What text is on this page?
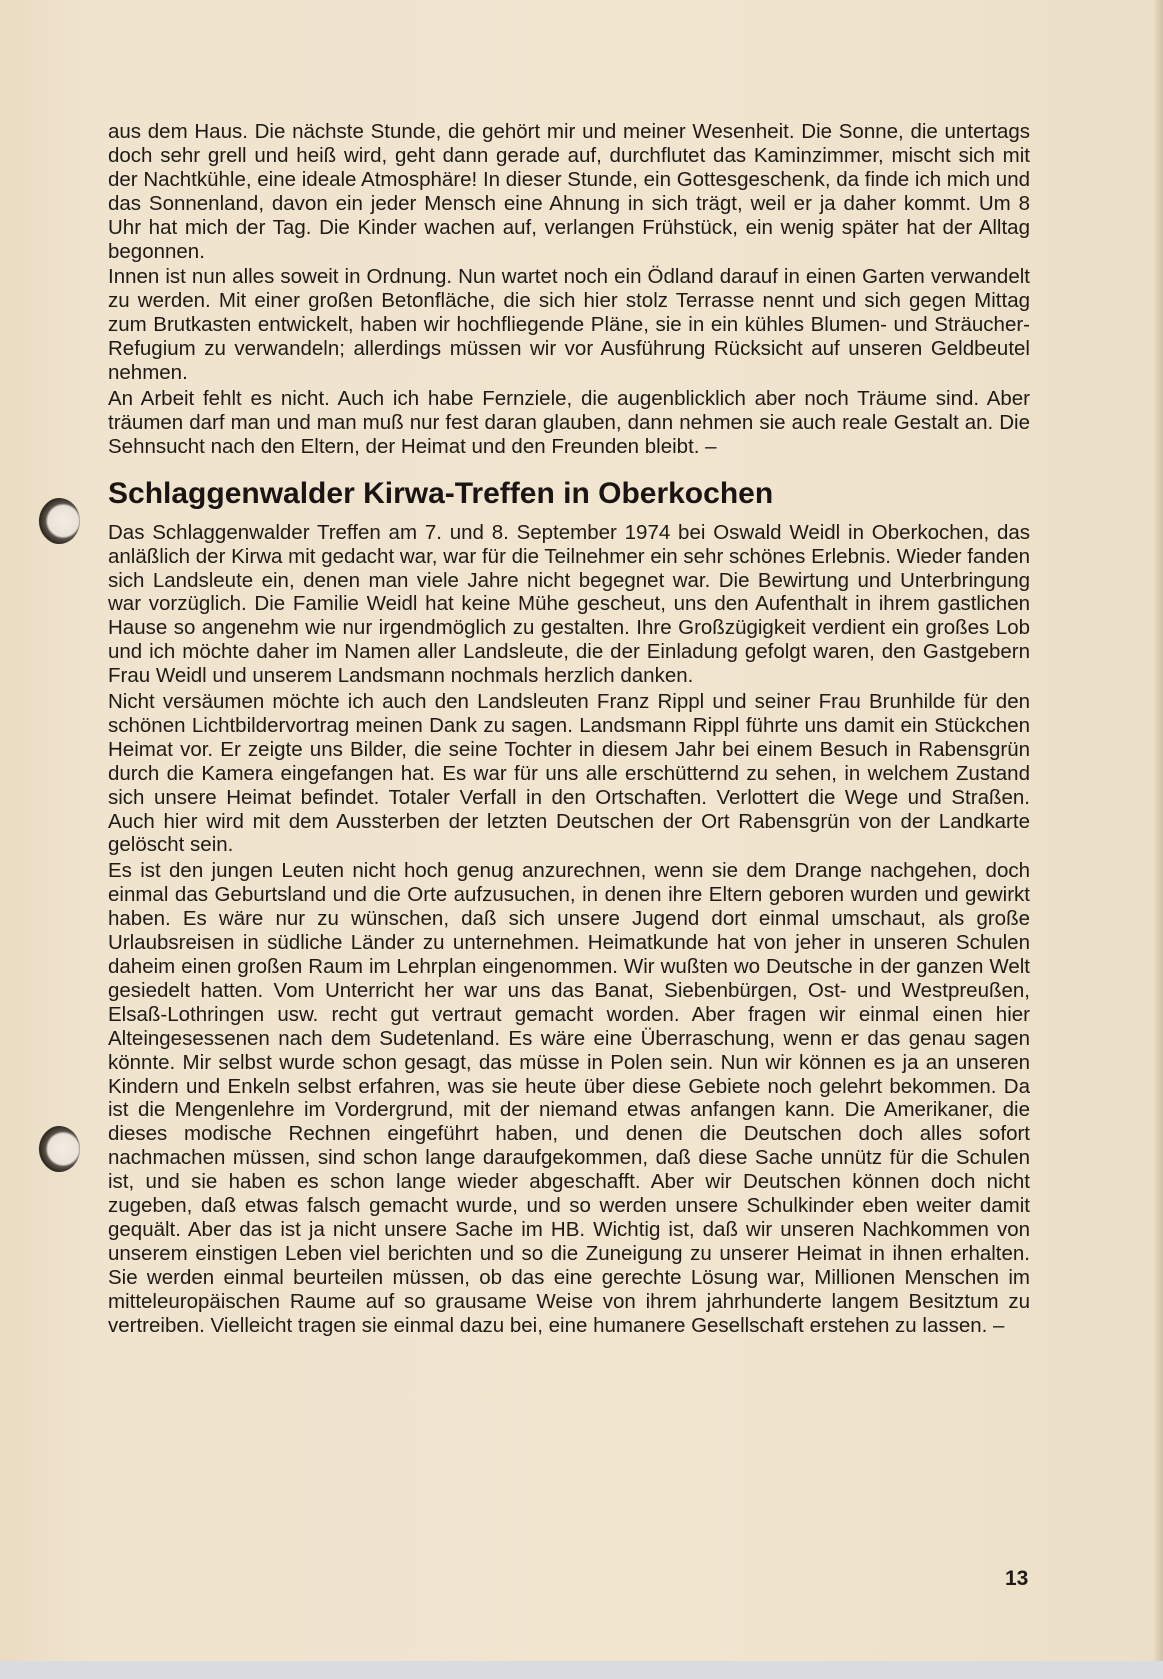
aus dem Haus. Die nächste Stunde, die gehört mir und meiner Wesenheit. Die Sonne, die untertags doch sehr grell und heiß wird, geht dann gerade auf, durchflutet das Kaminzimmer, mischt sich mit der Nachtkühle, eine ideale Atmosphäre! In dieser Stunde, ein Gottesgeschenk, da finde ich mich und das Sonnenland, davon ein jeder Mensch eine Ahnung in sich trägt, weil er ja daher kommt. Um 8 Uhr hat mich der Tag. Die Kinder wachen auf, verlangen Frühstück, ein wenig später hat der Alltag begonnen.

Innen ist nun alles soweit in Ordnung. Nun wartet noch ein Ödland darauf in einen Garten verwandelt zu werden. Mit einer großen Betonfläche, die sich hier stolz Terrasse nennt und sich gegen Mittag zum Brutkasten entwickelt, haben wir hochfliegende Pläne, sie in ein kühles Blumen- und Sträucher-Refugium zu verwandeln; allerdings müssen wir vor Ausführung Rücksicht auf unseren Geldbeutel nehmen.

An Arbeit fehlt es nicht. Auch ich habe Fernziele, die augenblicklich aber noch Träume sind. Aber träumen darf man und man muß nur fest daran glauben, dann nehmen sie auch reale Gestalt an. Die Sehnsucht nach den Eltern, der Heimat und den Freunden bleibt. –

Schlaggenwalder Kirwa-Treffen in Oberkochen

Das Schlaggenwalder Treffen am 7. und 8. September 1974 bei Oswald Weidl in Oberkochen, das anläßlich der Kirwa mit gedacht war, war für die Teilnehmer ein sehr schönes Erlebnis. Wieder fanden sich Landsleute ein, denen man viele Jahre nicht begegnet war. Die Bewirtung und Unterbringung war vorzüglich. Die Familie Weidl hat keine Mühe gescheut, uns den Aufenthalt in ihrem gastlichen Hause so angenehm wie nur irgendmöglich zu gestalten. Ihre Großzügigkeit verdient ein großes Lob und ich möchte daher im Namen aller Landsleute, die der Einladung gefolgt waren, den Gastgebern Frau Weidl und unserem Landsmann nochmals herzlich danken.

Nicht versäumen möchte ich auch den Landsleuten Franz Rippl und seiner Frau Brunhilde für den schönen Lichtbildervortrag meinen Dank zu sagen. Landsmann Rippl führte uns damit ein Stückchen Heimat vor. Er zeigte uns Bilder, die seine Tochter in diesem Jahr bei einem Besuch in Rabensgrün durch die Kamera eingefangen hat. Es war für uns alle erschütternd zu sehen, in welchem Zustand sich unsere Heimat befindet. Totaler Verfall in den Ortschaften. Verlottert die Wege und Straßen. Auch hier wird mit dem Aussterben der letzten Deutschen der Ort Rabensgrün von der Landkarte gelöscht sein.

Es ist den jungen Leuten nicht hoch genug anzurechnen, wenn sie dem Drange nachgehen, doch einmal das Geburtsland und die Orte aufzusuchen, in denen ihre Eltern geboren wurden und gewirkt haben. Es wäre nur zu wünschen, daß sich unsere Jugend dort einmal umschaut, als große Urlaubsreisen in südliche Länder zu unternehmen. Heimatkunde hat von jeher in unseren Schulen daheim einen großen Raum im Lehrplan eingenommen. Wir wußten wo Deutsche in der ganzen Welt gesiedelt hatten. Vom Unterricht her war uns das Banat, Siebenbürgen, Ost- und Westpreußen, Elsaß-Lothringen usw. recht gut vertraut gemacht worden. Aber fragen wir einmal einen hier Alteingesessenen nach dem Sudetenland. Es wäre eine Überraschung, wenn er das genau sagen könnte. Mir selbst wurde schon gesagt, das müsse in Polen sein. Nun wir können es ja an unseren Kindern und Enkeln selbst erfahren, was sie heute über diese Gebiete noch gelehrt bekommen. Da ist die Mengenlehre im Vordergrund, mit der niemand etwas anfangen kann. Die Amerikaner, die dieses modische Rechnen eingeführt haben, und denen die Deutschen doch alles sofort nachmachen müssen, sind schon lange daraufgekommen, daß diese Sache unnütz für die Schulen ist, und sie haben es schon lange wieder abgeschafft. Aber wir Deutschen können doch nicht zugeben, daß etwas falsch gemacht wurde, und so werden unsere Schulkinder eben weiter damit gequält. Aber das ist ja nicht unsere Sache im HB. Wichtig ist, daß wir unseren Nachkommen von unserem einstigen Leben viel berichten und so die Zuneigung zu unserer Heimat in ihnen erhalten. Sie werden einmal beurteilen müssen, ob das eine gerechte Lösung war, Millionen Menschen im mitteleuropäischen Raume auf so grausame Weise von ihrem jahrhunderte langem Besitztum zu vertreiben. Vielleicht tragen sie einmal dazu bei, eine humanere Gesellschaft erstehen zu lassen. –

13
